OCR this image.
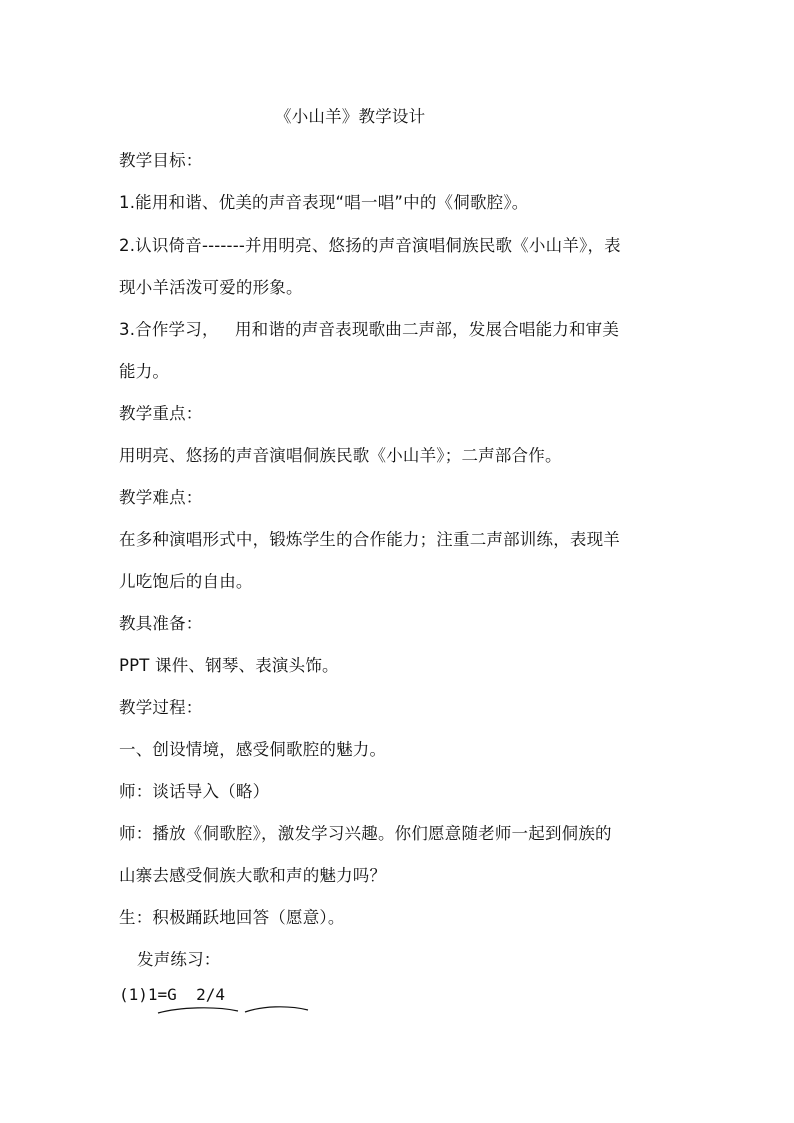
《小山羊》教学设计
教学目标：
1.能用和谐、优美的声音表现“唱一唱”中的《侗歌腔》。
2.认识倚音-------并用明亮、悠扬的声音演唱侗族民歌《小山羊》，表
现小羊活泼可爱的形象。
3.合作学习，   用和谐的声音表现歌曲二声部，发展合唱能力和审美
能力。
教学重点：
用明亮、悠扬的声音演唱侗族民歌《小山羊》；二声部合作。
教学难点：
在多种演唱形式中，锻炼学生的合作能力；注重二声部训练，表现羊
儿吃饱后的自由。
教具准备：
PPT 课件、钢琴、表演头饰。
教学过程：
一、创设情境，感受侗歌腔的魅力。
师：谈话导入（略）
师：播放《侗歌腔》，激发学习兴趣。你们愿意随老师一起到侗族的
山寨去感受侗族大歌和声的魅力吗？
生：积极踊跃地回答（愿意）。
发声练习：
(1)1=G  2/4
